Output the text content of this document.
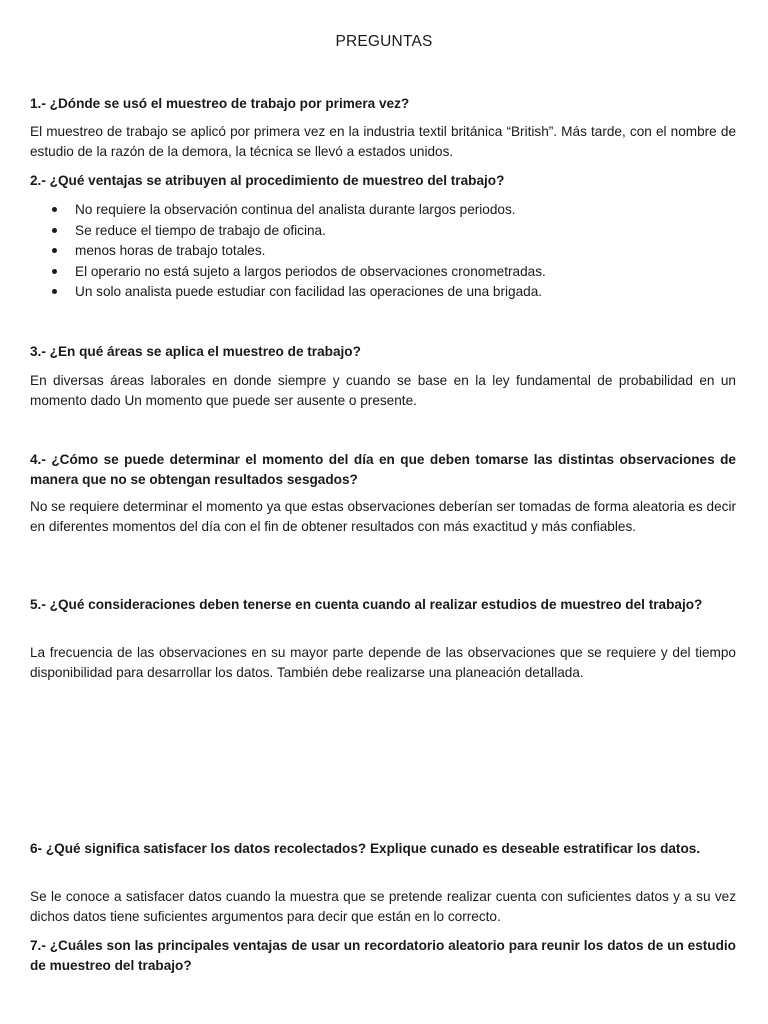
PREGUNTAS
1.- ¿Dónde se usó el muestreo de trabajo por primera vez?
El muestreo de trabajo se aplicó por primera vez en la industria textil británica “British”. Más tarde, con el nombre de estudio de la razón de la demora, la técnica se llevó a estados unidos.
2.- ¿Qué ventajas se atribuyen al procedimiento de muestreo del trabajo?
No requiere la observación continua del analista durante largos periodos.
Se reduce el tiempo de trabajo de oficina.
menos horas de trabajo totales.
El operario no está sujeto a largos periodos de observaciones cronometradas.
Un solo analista puede estudiar con facilidad las operaciones de una brigada.
3.- ¿En qué áreas se aplica el muestreo de trabajo?
En diversas áreas laborales en donde siempre y cuando se base en la ley fundamental de probabilidad en un momento dado Un momento que puede ser ausente o presente.
4.- ¿Cómo se puede determinar el momento del día en que deben tomarse las distintas observaciones de manera que no se obtengan resultados sesgados?
No se requiere determinar el momento ya que estas observaciones deberían ser tomadas de forma aleatoria es decir en diferentes momentos del día con el fin de obtener resultados con más exactitud y más confiables.
5.- ¿Qué consideraciones deben tenerse en cuenta cuando al realizar estudios de muestreo del trabajo?
La frecuencia de las observaciones en su mayor parte depende de las observaciones que se requiere y del tiempo disponibilidad para desarrollar los datos. También debe realizarse una planeación detallada.
6- ¿Qué significa satisfacer los datos recolectados? Explique cunado es deseable estratificar los datos.
Se le conoce a satisfacer datos cuando la muestra que se pretende realizar cuenta con suficientes datos y a su vez dichos datos tiene suficientes argumentos para decir que están en lo correcto.
7.- ¿Cuáles son las principales ventajas de usar un recordatorio aleatorio para reunir los datos de un estudio de muestreo del trabajo?
